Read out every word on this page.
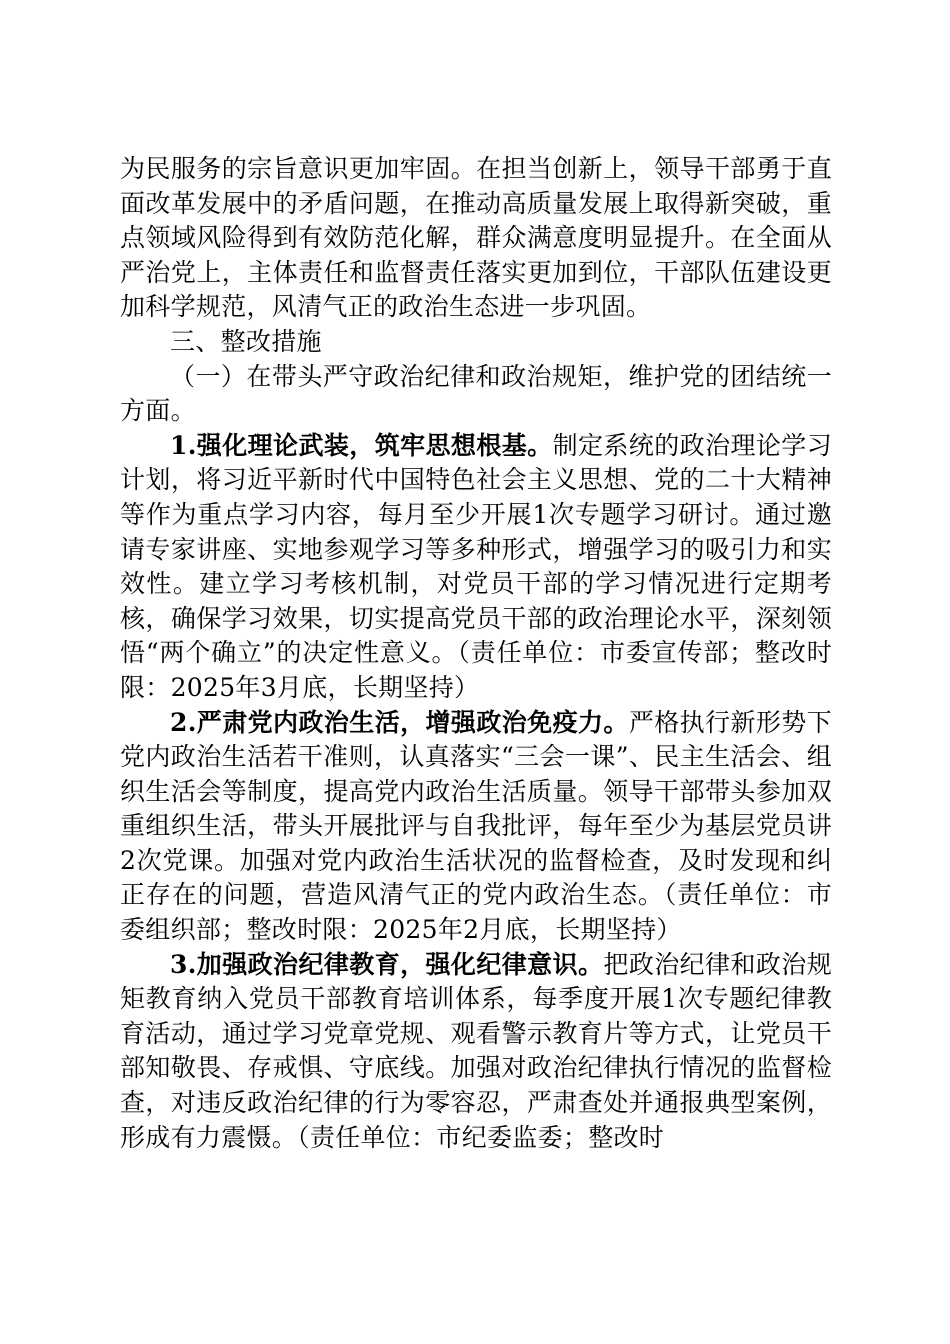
为民服务的宗旨意识更加牢固。在担当创新上，领导干部勇于直面改革发展中的矛盾问题，在推动高质量发展上取得新突破，重点领域风险得到有效防范化解，群众满意度明显提升。在全面从严治党上，主体责任和监督责任落实更加到位，干部队伍建设更加科学规范，风清气正的政治生态进一步巩固。

三、整改措施

（一）在带头严守政治纪律和政治规矩，维护党的团结统一方面。

1.强化理论武装，筑牢思想根基。制定系统的政治理论学习计划，将习近平新时代中国特色社会主义思想、党的二十大精神等作为重点学习内容，每月至少开展1次专题学习研讨。通过邀请专家讲座、实地参观学习等多种形式，增强学习的吸引力和实效性。建立学习考核机制，对党员干部的学习情况进行定期考核，确保学习效果，切实提高党员干部的政治理论水平，深刻领悟“两个确立”的决定性意义。（责任单位：市委宣传部；整改时限：2025年3月底，长期坚持）

2.严肃党内政治生活，增强政治免疫力。严格执行新形势下党内政治生活若干准则，认真落实“三会一课”、民主生活会、组织生活会等制度，提高党内政治生活质量。领导干部带头参加双重组织生活，带头开展批评与自我批评，每年至少为基层党员讲2次党课。加强对党内政治生活状况的监督检查，及时发现和纠正存在的问题，营造风清气正的党内政治生态。（责任单位：市委组织部；整改时限：2025年2月底，长期坚持）

3.加强政治纪律教育，强化纪律意识。把政治纪律和政治规矩教育纳入党员干部教育培训体系，每季度开展1次专题纪律教育活动，通过学习党章党规、观看警示教育片等方式，让党员干部知敬畏、存戒惧、守底线。加强对政治纪律执行情况的监督检查，对违反政治纪律的行为零容忍，严肃查处并通报典型案例，形成有力震慑。（责任单位：市纪委监委；整改时
